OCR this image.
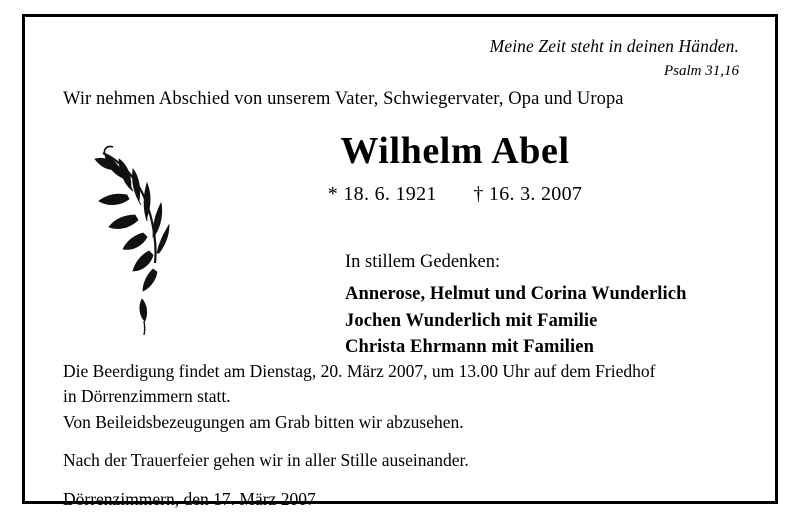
Meine Zeit steht in deinen Händen.
Psalm 31,16
Wir nehmen Abschied von unserem Vater, Schwiegervater, Opa und Uropa
Wilhelm Abel
* 18. 6. 1921 † 16. 3. 2007
In stillem Gedenken:
Annerose, Helmut und Corina Wunderlich
Jochen Wunderlich mit Familie
Christa Ehrmann mit Familien

Die Beerdigung findet am Dienstag, 20. März 2007, um 13.00 Uhr auf dem Friedhof

in Dörrenzimmern statt.

Von Beileidsbezeugungen am Grab bitten wir abzusehen.

Nach der Trauerfeier gehen wir in aller Stille auseinander.

Dörrenzimmern, den 17. März 2007
